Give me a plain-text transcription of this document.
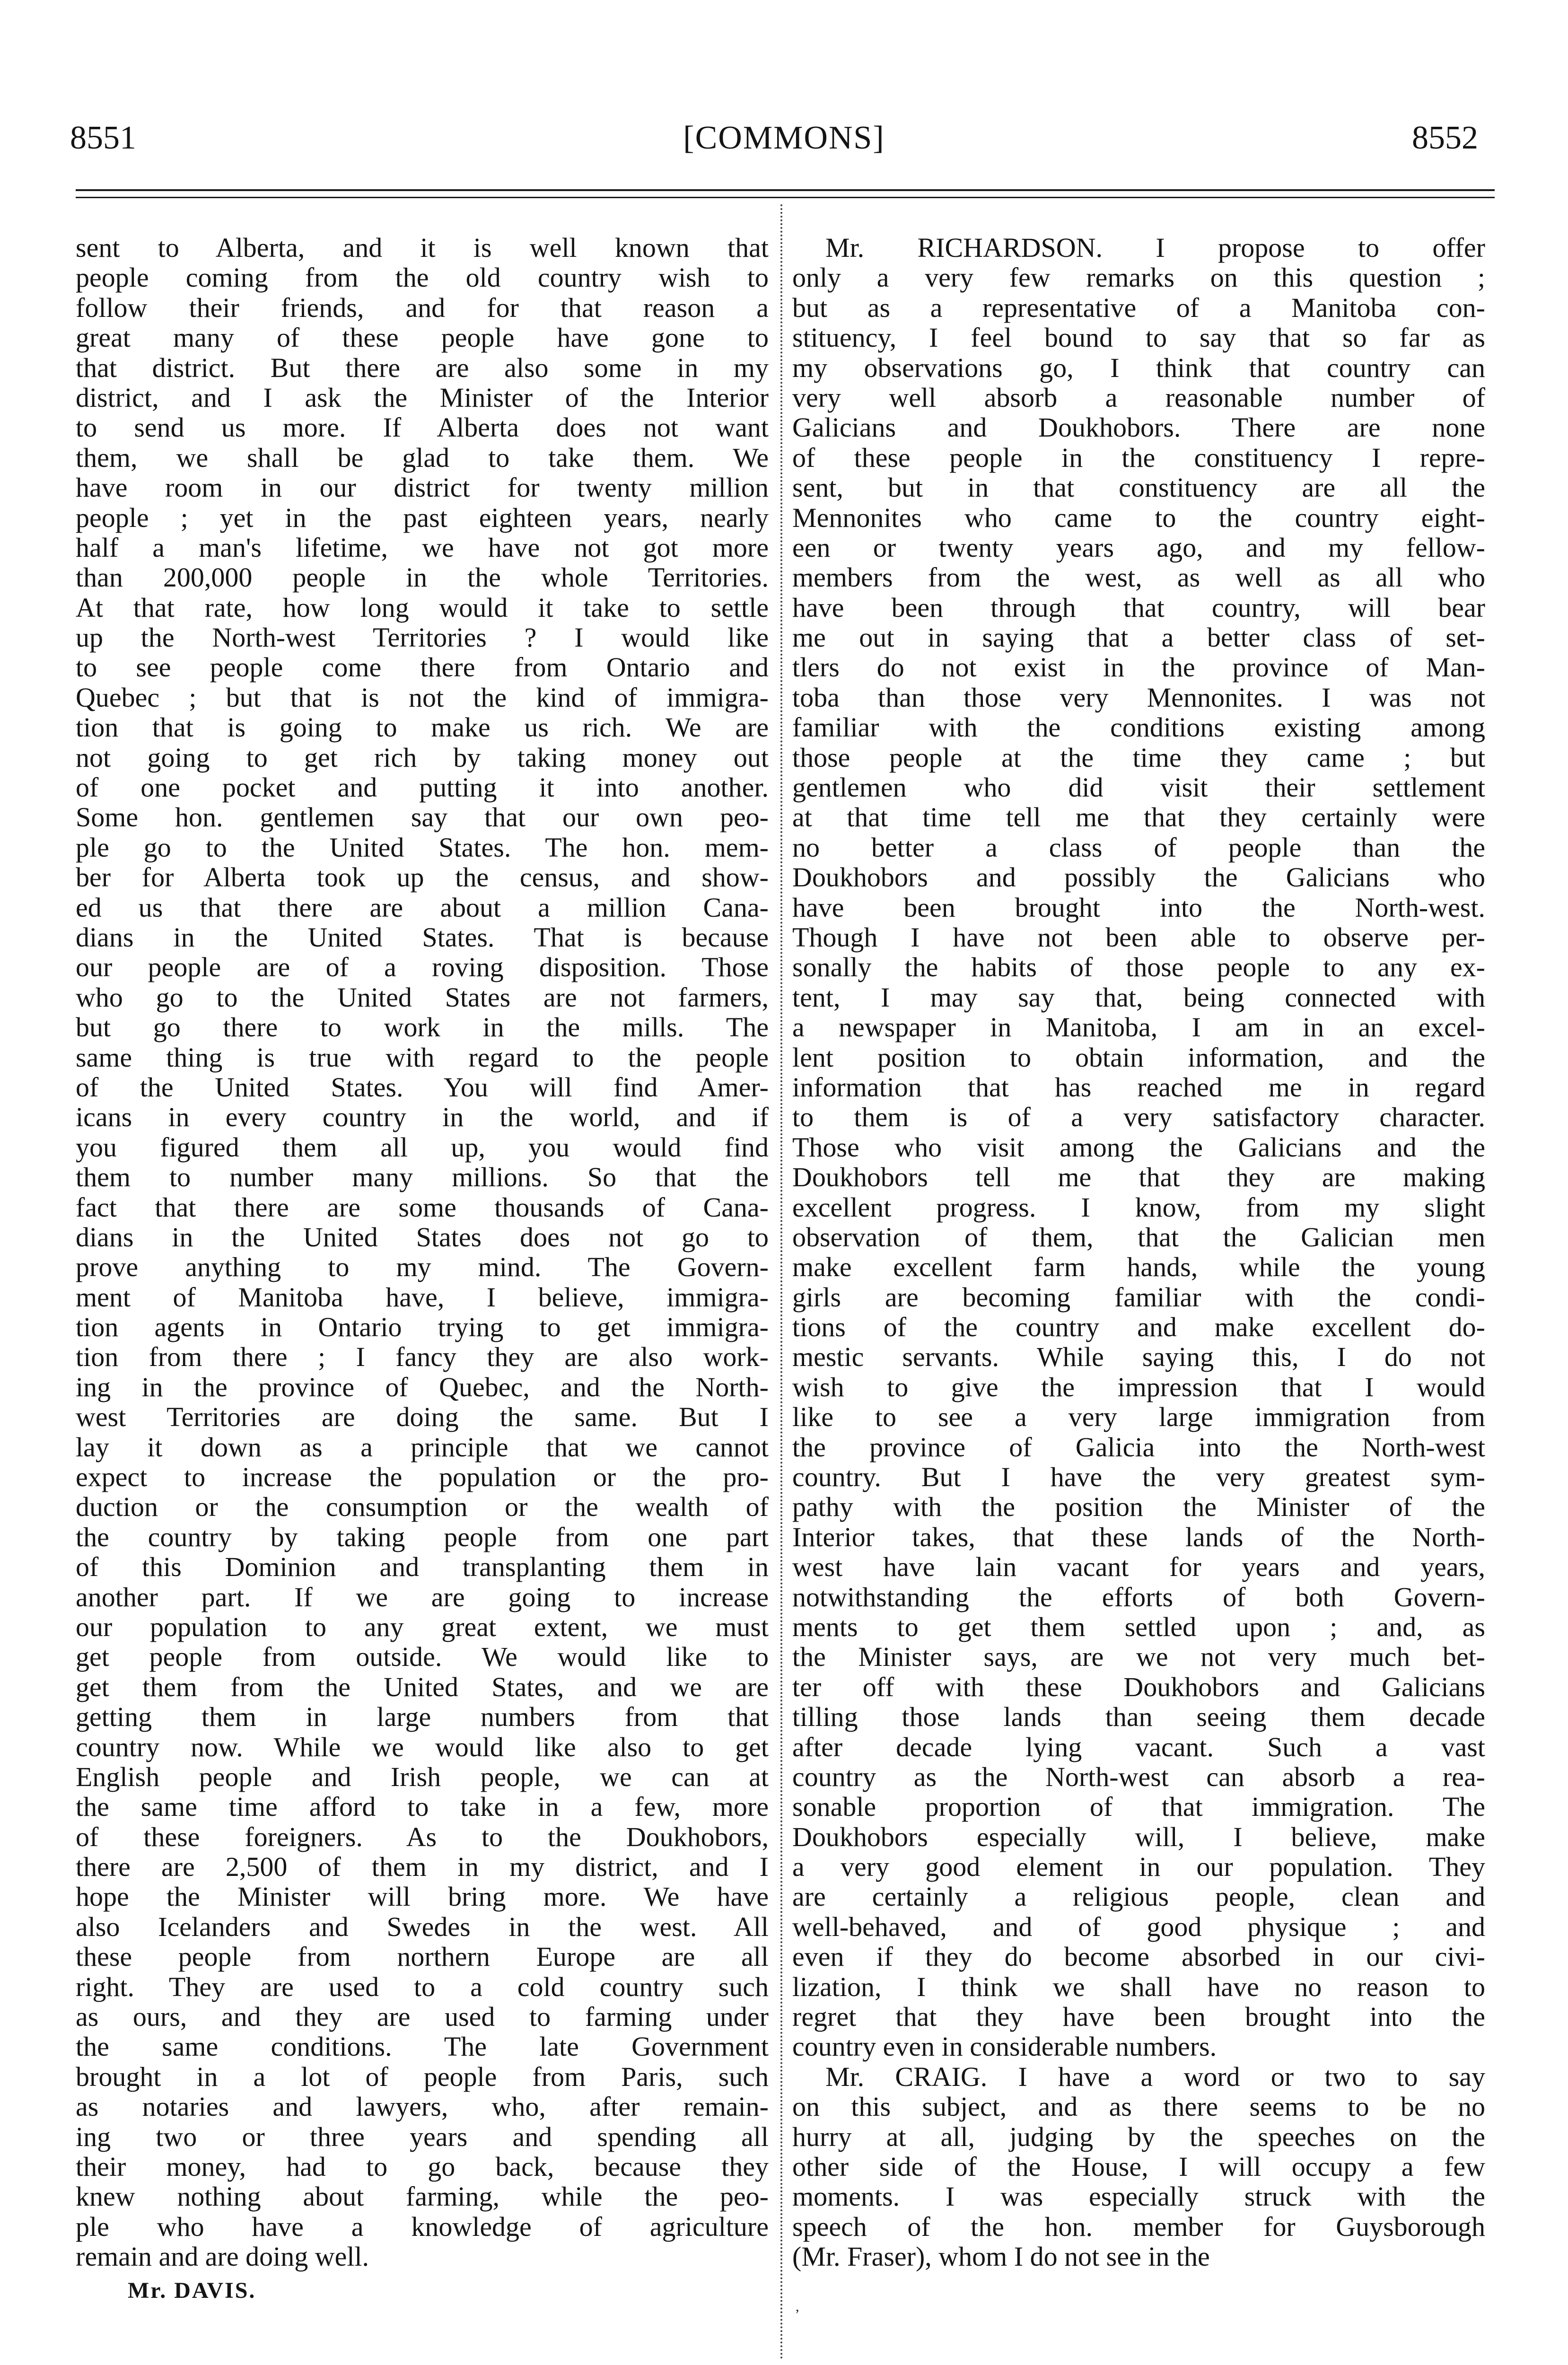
[COMMONS]
8551	8552
sent to Alberta, and it is well known that
people coming from the old country wish to
follow their friends, and for that reason a
great many of these people have gone to
that district. But there are also some in my
district, and I ask the Minister of the Interior
to send us more. If Alberta does not want
them, we shall be glad to take them. We
have room in our district for twenty million
people ; yet in the past eighteen years, nearly
half a man's lifetime, we have not got more
than 200,000 people in the whole Territories.
At that rate, how long would it take to settle
up the North-west Territories ? I would like
to see people come there from Ontario and
Quebec ; but that is not the kind of immigra-
tion that is going to make us rich. We are
not going to get rich by taking money out
of one pocket and putting it into another.
Some hon. gentlemen say that our own peo-
ple go to the United States. The hon. mem-
ber for Alberta took up the census, and show-
ed us that there are about a million Cana-
dians in the United States. That is because
our people are of a roving disposition. Those
who go to the United States are not farmers,
but go there to work in the mills. The
same thing is true with regard to the people
of the United States. You will find Amer-
icans in every country in the world, and if
you figured them all up, you would find
them to number many millions. So that the
fact that there are some thousands of Cana-
dians in the United States does not go to
prove anything to my mind. The Govern-
ment of Manitoba have, I believe, immigra-
tion agents in Ontario trying to get immigra-
tion from there ; I fancy they are also work-
ing in the province of Quebec, and the North-
west Territories are doing the same. But I
lay it down as a principle that we cannot
expect to increase the population or the pro-
duction or the consumption or the wealth of
the country by taking people from one part
of this Dominion and transplanting them in
another part. If we are going to increase
our population to any great extent, we must
get people from outside. We would like to
get them from the United States, and we are
getting them in large numbers from that
country now. While we would like also to get
English people and Irish people, we can at
the same time afford to take in a few, more
of these foreigners. As to the Doukhobors,
there are 2,500 of them in my district, and I
hope the Minister will bring more. We have
also Icelanders and Swedes in the west. All
these people from northern Europe are all
right. They are used to a cold country such
as ours, and they are used to farming under
the same conditions. The late Government
brought in a lot of people from Paris, such
as notaries and lawyers, who, after remain-
ing two or three years and spending all
their money, had to go back, because they
knew nothing about farming, while the peo-
ple who have a knowledge of agriculture
remain and are doing well.
Mr. RICHARDSON. I propose to offer
only a very few remarks on this question ;
but as a representative of a Manitoba con-
stituency, I feel bound to say that so far as
my observations go, I think that country can
very well absorb a reasonable number of
Galicians and Doukhobors. There are none
of these people in the constituency I repre-
sent, but in that constituency are all the
Mennonites who came to the country eight-
een or twenty years ago, and my fellow-
members from the west, as well as all who
have been through that country, will bear
me out in saying that a better class of set-
tlers do not exist in the province of Man-
toba than those very Mennonites. I was not
familiar with the conditions existing among
those people at the time they came ; but
gentlemen who did visit their settlement
at that time tell me that they certainly were
no better a class of people than the
Doukhobors and possibly the Galicians who
have been brought into the North-west.
Though I have not been able to observe per-
sonally the habits of those people to any ex-
tent, I may say that, being connected with
a newspaper in Manitoba, I am in an excel-
lent position to obtain information, and the
information that has reached me in regard
to them is of a very satisfactory character.
Those who visit among the Galicians and the
Doukhobors tell me that they are making
excellent progress. I know, from my slight
observation of them, that the Galician men
make excellent farm hands, while the young
girls are becoming familiar with the condi-
tions of the country and make excellent do-
mestic servants. While saying this, I do not
wish to give the impression that I would
like to see a very large immigration from
the province of Galicia into the North-west
country. But I have the very greatest sym-
pathy with the position the Minister of the
Interior takes, that these lands of the North-
west have lain vacant for years and years,
notwithstanding the efforts of both Govern-
ments to get them settled upon ; and, as
the Minister says, are we not very much bet-
ter off with these Doukhobors and Galicians
tilling those lands than seeing them decade
after decade lying vacant. Such a vast
country as the North-west can absorb a rea-
sonable proportion of that immigration. The
Doukhobors especially will, I believe, make
a very good element in our population. They
are certainly a religious people, clean and
well-behaved, and of good physique ; and
even if they do become absorbed in our civi-
lization, I think we shall have no reason to
regret that they have been brought into the
country even in considerable numbers.
Mr. CRAIG. I have a word or two to say
on this subject, and as there seems to be no
hurry at all, judging by the speeches on the
other side of the House, I will occupy a few
moments. I was especially struck with the
speech of the hon. member for Guysborough
(Mr. Fraser), whom I do not see in the
Mr. DAVIS.
,
